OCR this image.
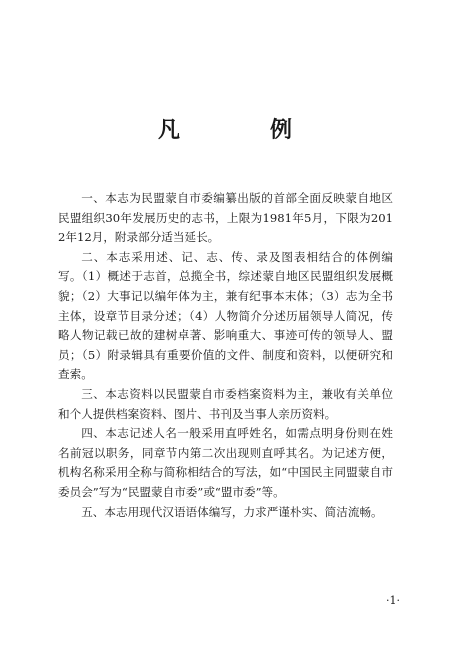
凡　例

一、本志为民盟蒙自市委编纂出版的首部全面反映蒙自地区民盟组织30年发展历史的志书，上限为1981年5月，下限为2012年12月，附录部分适当延长。

二、本志采用述、记、志、传、录及图表相结合的体例编写。（1）概述于志首，总揽全书，综述蒙自地区民盟组织发展概貌；（2）大事记以编年体为主，兼有纪事本末体；（3）志为全书主体，设章节目录分述；（4）人物简介分述历届领导人简况，传略人物记载已故的建树卓著、影响重大、事迹可传的领导人、盟员；（5）附录辑具有重要价值的文件、制度和资料，以便研究和查索。

三、本志资料以民盟蒙自市委档案资料为主，兼收有关单位和个人提供档案资料、图片、书刊及当事人亲历资料。

四、本志记述人名一般采用直呼姓名，如需点明身份则在姓名前冠以职务，同章节内第二次出现则直呼其名。为记述方便，机构名称采用全称与简称相结合的写法，如“中国民主同盟蒙自市委员会”写为“民盟蒙自市委”或“盟市委”等。

五、本志用现代汉语语体编写，力求严谨朴实、简洁流畅。

·1·
